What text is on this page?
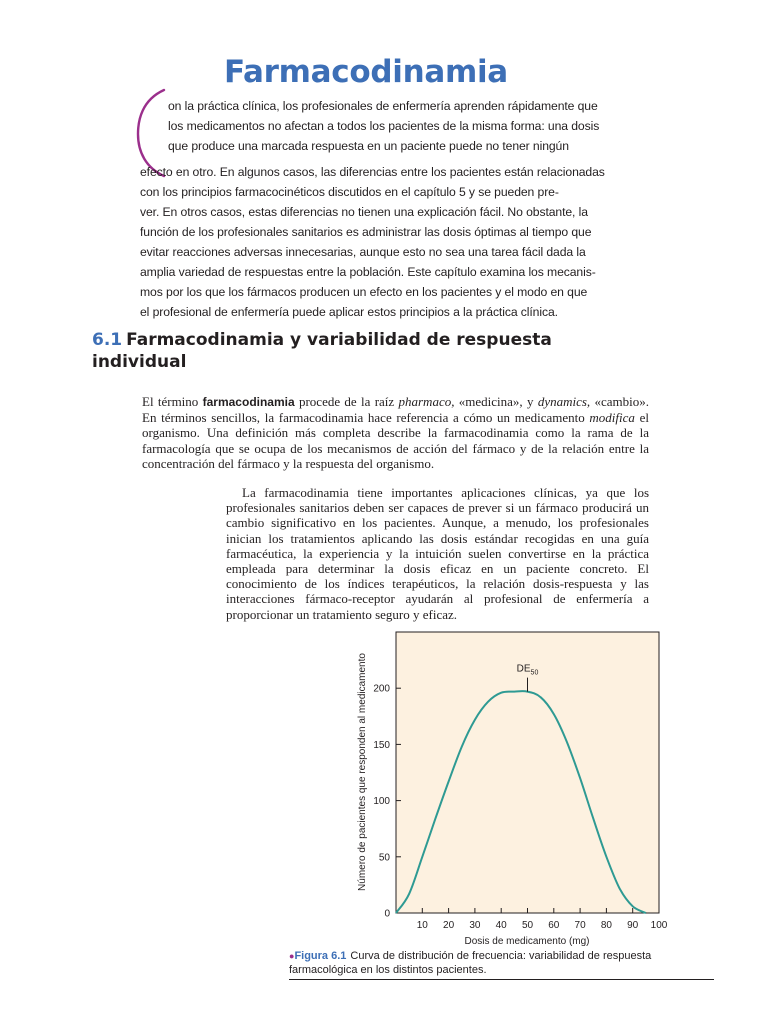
Farmacodinamia
on la práctica clínica, los profesionales de enfermería aprenden rápidamente que
los medicamentos no afectan a todos los pacientes de la misma forma: una dosis
que produce una marcada respuesta en un paciente puede no tener ningún
efecto en otro. En algunos casos, las diferencias entre los pacientes están relacionadas
con los principios farmacocinéticos discutidos en el capítulo 5 y se pueden pre-
ver. En otros casos, estas diferencias no tienen una explicación fácil. No obstante, la
función de los profesionales sanitarios es administrar las dosis óptimas al tiempo que
evitar reacciones adversas innecesarias, aunque esto no sea una tarea fácil dada la
amplia variedad de respuestas entre la población. Este capítulo examina los mecanis-
mos por los que los fármacos producen un efecto en los pacientes y el modo en que
el profesional de enfermería puede aplicar estos principios a la práctica clínica.
6.1 Farmacodinamia y variabilidad de respuesta individual

El término farmacodinamia procede de la raíz pharmaco, «medicina», y dynamics, «cambio». En términos sencillos, la farmacodinamia hace referencia a cómo un medicamento modifica el organismo. Una definición más completa describe la farmacodinamia como la rama de la farmacología que se ocupa de los mecanismos de acción del fármaco y de la relación entre la concentración del fármaco y la respuesta del organismo.

La farmacodinamia tiene importantes aplicaciones clínicas, ya que los profesionales sanitarios deben ser capaces de prever si un fármaco producirá un cambio significativo en los pacientes. Aunque, a menudo, los profesionales inician los tratamientos aplicando las dosis estándar recogidas en una guía farmacéutica, la experiencia y la intuición suelen convertirse en la práctica empleada para determinar la dosis eficaz en un paciente concreto. El conocimiento de los índices terapéuticos, la relación dosis-respuesta y las interacciones fármaco-receptor ayudarán al profesional de enfermería a proporcionar un tratamiento seguro y eficaz.

0
50
100
150
200
10 20 30 40 50 60 70 80 90 100
$DE_{50}$
Dosis de medicamento (mg)
Número de pacientes que responden al medicamento
●Figura 6.1 Curva de distribución de frecuencia: variabilidad de respuesta
farmacológica en los distintos pacientes.
